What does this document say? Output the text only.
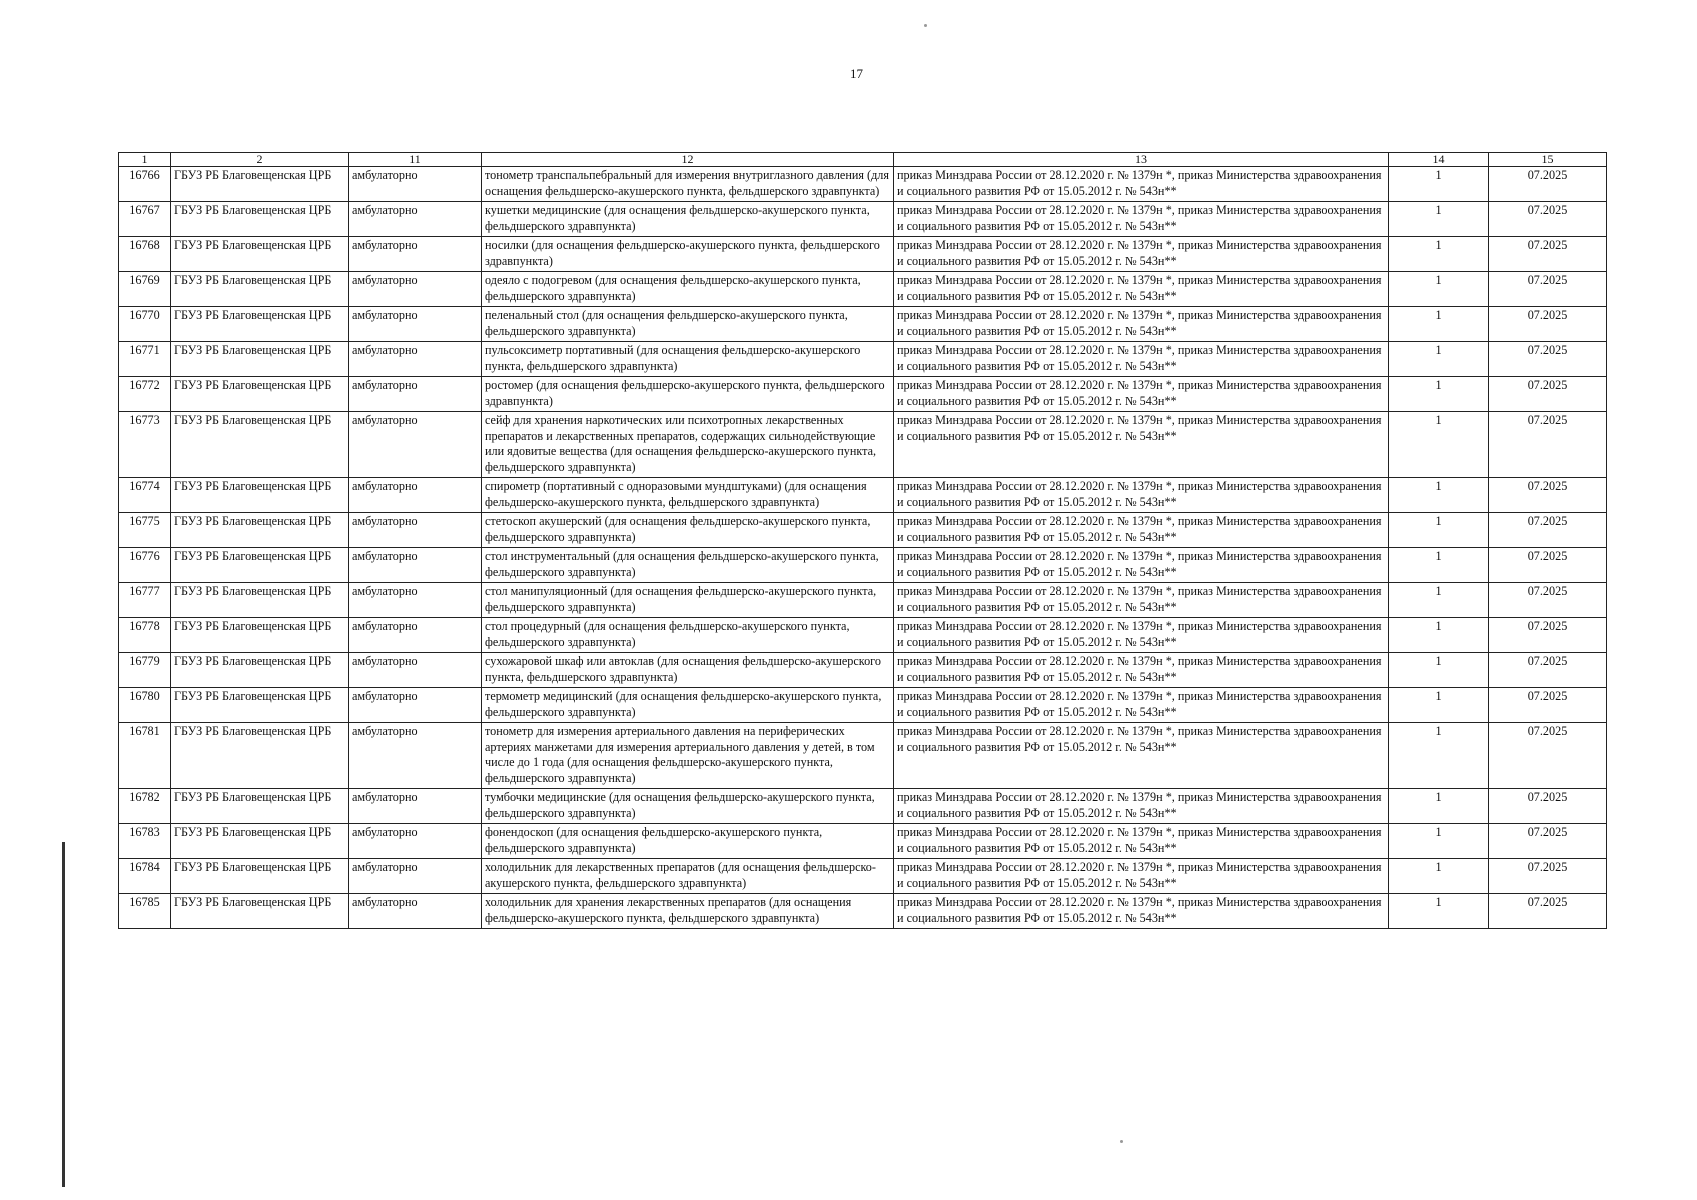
17
1	2	11	12	13	14	15
16766	ГБУЗ РБ Благовещенская ЦРБ	амбулаторно	тонометр транспальпебральный для измерения внутриглазного давления (для оснащения фельдшерско-акушерского пункта, фельдшерского здравпункта)	приказ Минздрава России от 28.12.2020 г. № 1379н *, приказ Министерства здравоохранения и социального развития РФ от 15.05.2012 г. № 543н**	1	07.2025
16767	ГБУЗ РБ Благовещенская ЦРБ	амбулаторно	кушетки медицинские (для оснащения фельдшерско-акушерского пункта, фельдшерского здравпункта)	приказ Минздрава России от 28.12.2020 г. № 1379н *, приказ Министерства здравоохранения и социального развития РФ от 15.05.2012 г. № 543н**	1	07.2025
16768	ГБУЗ РБ Благовещенская ЦРБ	амбулаторно	носилки (для оснащения фельдшерско-акушерского пункта, фельдшерского здравпункта)	приказ Минздрава России от 28.12.2020 г. № 1379н *, приказ Министерства здравоохранения и социального развития РФ от 15.05.2012 г. № 543н**	1	07.2025
16769	ГБУЗ РБ Благовещенская ЦРБ	амбулаторно	одеяло с подогревом (для оснащения фельдшерско-акушерского пункта, фельдшерского здравпункта)	приказ Минздрава России от 28.12.2020 г. № 1379н *, приказ Министерства здравоохранения и социального развития РФ от 15.05.2012 г. № 543н**	1	07.2025
16770	ГБУЗ РБ Благовещенская ЦРБ	амбулаторно	пеленальный стол (для оснащения фельдшерско-акушерского пункта, фельдшерского здравпункта)	приказ Минздрава России от 28.12.2020 г. № 1379н *, приказ Министерства здравоохранения и социального развития РФ от 15.05.2012 г. № 543н**	1	07.2025
16771	ГБУЗ РБ Благовещенская ЦРБ	амбулаторно	пульсоксиметр портативный (для оснащения фельдшерско-акушерского пункта, фельдшерского здравпункта)	приказ Минздрава России от 28.12.2020 г. № 1379н *, приказ Министерства здравоохранения и социального развития РФ от 15.05.2012 г. № 543н**	1	07.2025
16772	ГБУЗ РБ Благовещенская ЦРБ	амбулаторно	ростомер (для оснащения фельдшерско-акушерского пункта, фельдшерского здравпункта)	приказ Минздрава России от 28.12.2020 г. № 1379н *, приказ Министерства здравоохранения и социального развития РФ от 15.05.2012 г. № 543н**	1	07.2025
16773	ГБУЗ РБ Благовещенская ЦРБ	амбулаторно	сейф для хранения наркотических или психотропных лекарственных препаратов и лекарственных препаратов, содержащих сильнодействующие или ядовитые вещества (для оснащения фельдшерско-акушерского пункта, фельдшерского здравпункта)	приказ Минздрава России от 28.12.2020 г. № 1379н *, приказ Министерства здравоохранения и социального развития РФ от 15.05.2012 г. № 543н**	1	07.2025
16774	ГБУЗ РБ Благовещенская ЦРБ	амбулаторно	спирометр (портативный с одноразовыми мундштуками) (для оснащения фельдшерско-акушерского пункта, фельдшерского здравпункта)	приказ Минздрава России от 28.12.2020 г. № 1379н *, приказ Министерства здравоохранения и социального развития РФ от 15.05.2012 г. № 543н**	1	07.2025
16775	ГБУЗ РБ Благовещенская ЦРБ	амбулаторно	стетоскоп акушерский (для оснащения фельдшерско-акушерского пункта, фельдшерского здравпункта)	приказ Минздрава России от 28.12.2020 г. № 1379н *, приказ Министерства здравоохранения и социального развития РФ от 15.05.2012 г. № 543н**	1	07.2025
16776	ГБУЗ РБ Благовещенская ЦРБ	амбулаторно	стол инструментальный (для оснащения фельдшерско-акушерского пункта, фельдшерского здравпункта)	приказ Минздрава России от 28.12.2020 г. № 1379н *, приказ Министерства здравоохранения и социального развития РФ от 15.05.2012 г. № 543н**	1	07.2025
16777	ГБУЗ РБ Благовещенская ЦРБ	амбулаторно	стол манипуляционный (для оснащения фельдшерско-акушерского пункта, фельдшерского здравпункта)	приказ Минздрава России от 28.12.2020 г. № 1379н *, приказ Министерства здравоохранения и социального развития РФ от 15.05.2012 г. № 543н**	1	07.2025
16778	ГБУЗ РБ Благовещенская ЦРБ	амбулаторно	стол процедурный (для оснащения фельдшерско-акушерского пункта, фельдшерского здравпункта)	приказ Минздрава России от 28.12.2020 г. № 1379н *, приказ Министерства здравоохранения и социального развития РФ от 15.05.2012 г. № 543н**	1	07.2025
16779	ГБУЗ РБ Благовещенская ЦРБ	амбулаторно	сухожаровой шкаф или автоклав (для оснащения фельдшерско-акушерского пункта, фельдшерского здравпункта)	приказ Минздрава России от 28.12.2020 г. № 1379н *, приказ Министерства здравоохранения и социального развития РФ от 15.05.2012 г. № 543н**	1	07.2025
16780	ГБУЗ РБ Благовещенская ЦРБ	амбулаторно	термометр медицинский (для оснащения фельдшерско-акушерского пункта, фельдшерского здравпункта)	приказ Минздрава России от 28.12.2020 г. № 1379н *, приказ Министерства здравоохранения и социального развития РФ от 15.05.2012 г. № 543н**	1	07.2025
16781	ГБУЗ РБ Благовещенская ЦРБ	амбулаторно	тонометр для измерения артериального давления на периферических артериях манжетами для измерения артериального давления у детей, в том числе до 1 года (для оснащения фельдшерско-акушерского пункта, фельдшерского здравпункта)	приказ Минздрава России от 28.12.2020 г. № 1379н *, приказ Министерства здравоохранения и социального развития РФ от 15.05.2012 г. № 543н**	1	07.2025
16782	ГБУЗ РБ Благовещенская ЦРБ	амбулаторно	тумбочки медицинские (для оснащения фельдшерско-акушерского пункта, фельдшерского здравпункта)	приказ Минздрава России от 28.12.2020 г. № 1379н *, приказ Министерства здравоохранения и социального развития РФ от 15.05.2012 г. № 543н**	1	07.2025
16783	ГБУЗ РБ Благовещенская ЦРБ	амбулаторно	фонендоскоп (для оснащения фельдшерско-акушерского пункта, фельдшерского здравпункта)	приказ Минздрава России от 28.12.2020 г. № 1379н *, приказ Министерства здравоохранения и социального развития РФ от 15.05.2012 г. № 543н**	1	07.2025
16784	ГБУЗ РБ Благовещенская ЦРБ	амбулаторно	холодильник для лекарственных препаратов (для оснащения фельдшерско-акушерского пункта, фельдшерского здравпункта)	приказ Минздрава России от 28.12.2020 г. № 1379н *, приказ Министерства здравоохранения и социального развития РФ от 15.05.2012 г. № 543н**	1	07.2025
16785	ГБУЗ РБ Благовещенская ЦРБ	амбулаторно	холодильник для хранения лекарственных препаратов (для оснащения фельдшерско-акушерского пункта, фельдшерского здравпункта)	приказ Минздрава России от 28.12.2020 г. № 1379н *, приказ Министерства здравоохранения и социального развития РФ от 15.05.2012 г. № 543н**	1	07.2025
